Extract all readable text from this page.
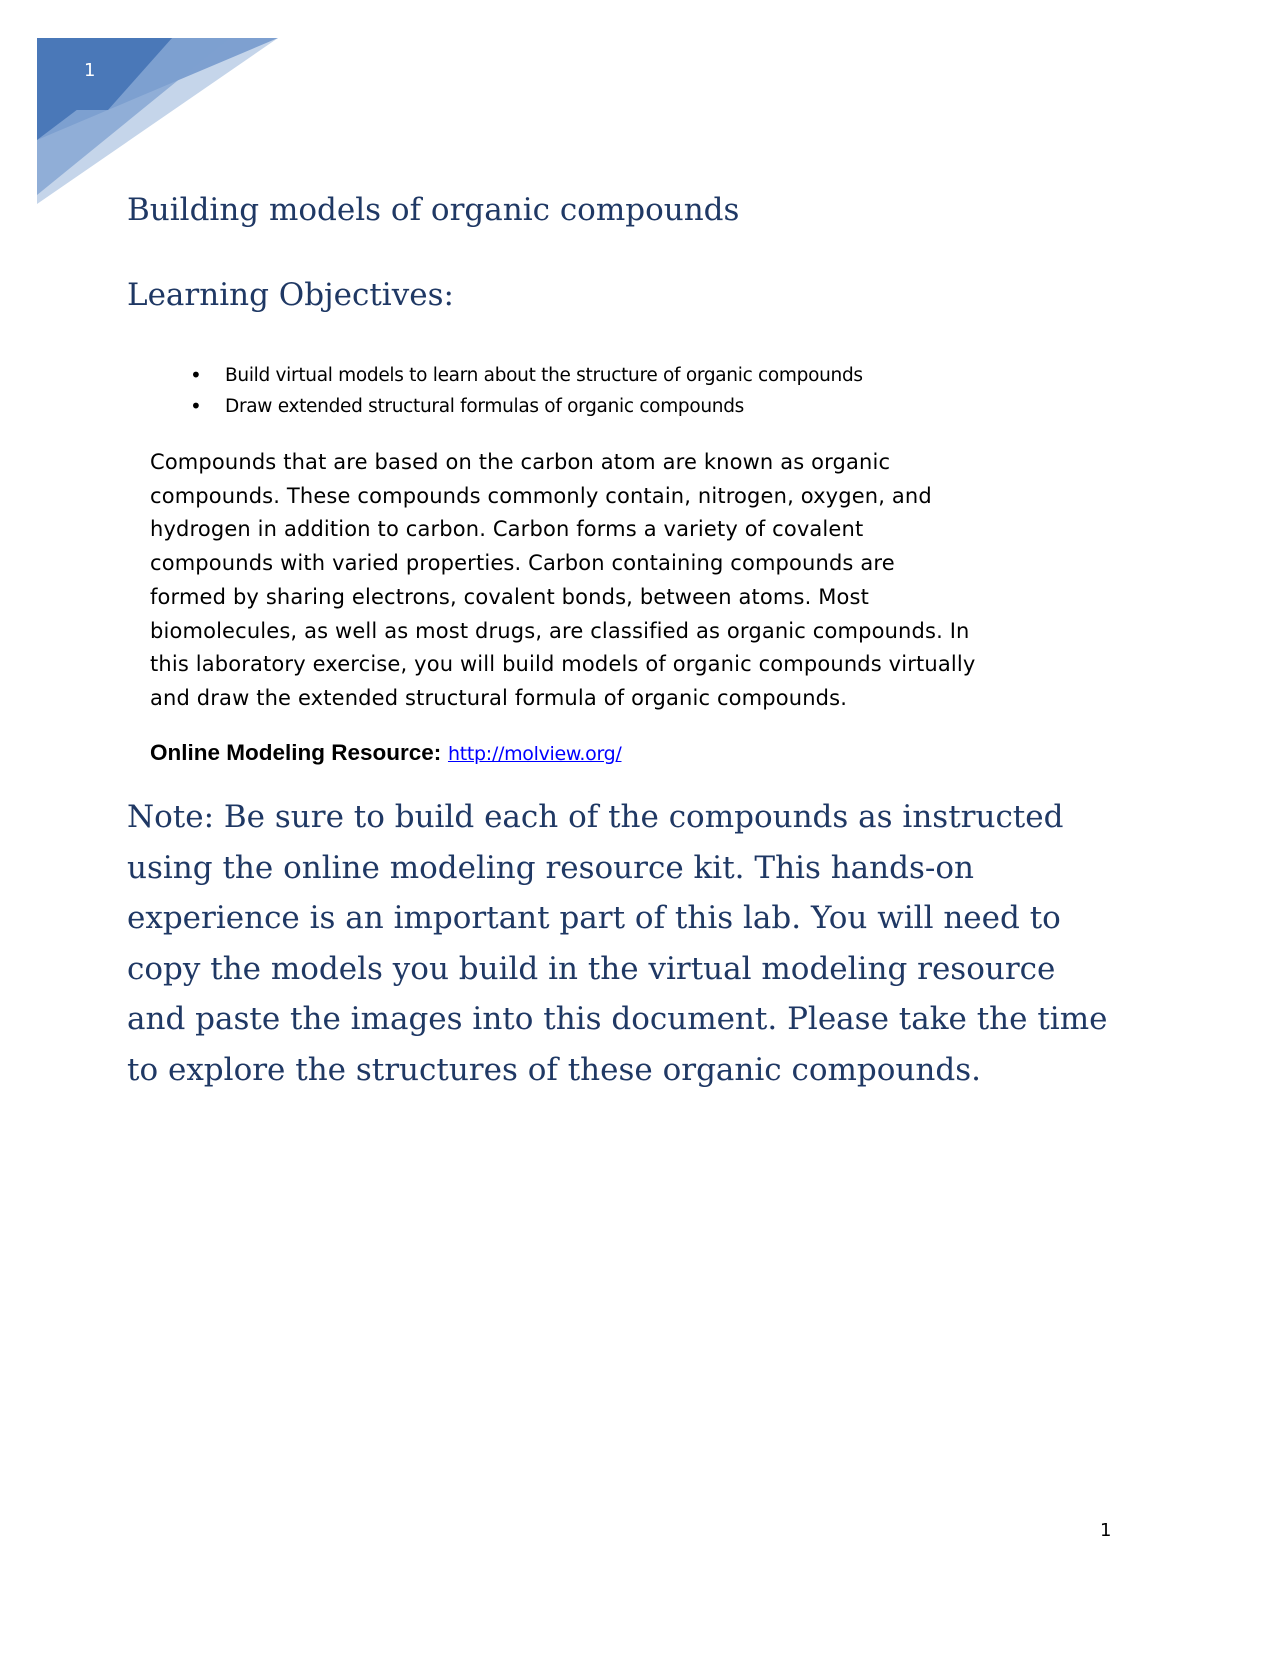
1
Building models of organic compounds
Learning Objectives:
• Build virtual models to learn about the structure of organic compounds
• Draw extended structural formulas of organic compounds
Compounds that are based on the carbon atom are known as organic
compounds. These compounds commonly contain, nitrogen, oxygen, and
hydrogen in addition to carbon. Carbon forms a variety of covalent
compounds with varied properties. Carbon containing compounds are
formed by sharing electrons, covalent bonds, between atoms. Most
biomolecules, as well as most drugs, are classified as organic compounds. In
this laboratory exercise, you will build models of organic compounds virtually
and draw the extended structural formula of organic compounds.

Online Modeling Resource: http://molview.org/

Note: Be sure to build each of the compounds as instructed
using the online modeling resource kit. This hands-on
experience is an important part of this lab. You will need to
copy the models you build in the virtual modeling resource
and paste the images into this document. Please take the time
to explore the structures of these organic compounds.
1
